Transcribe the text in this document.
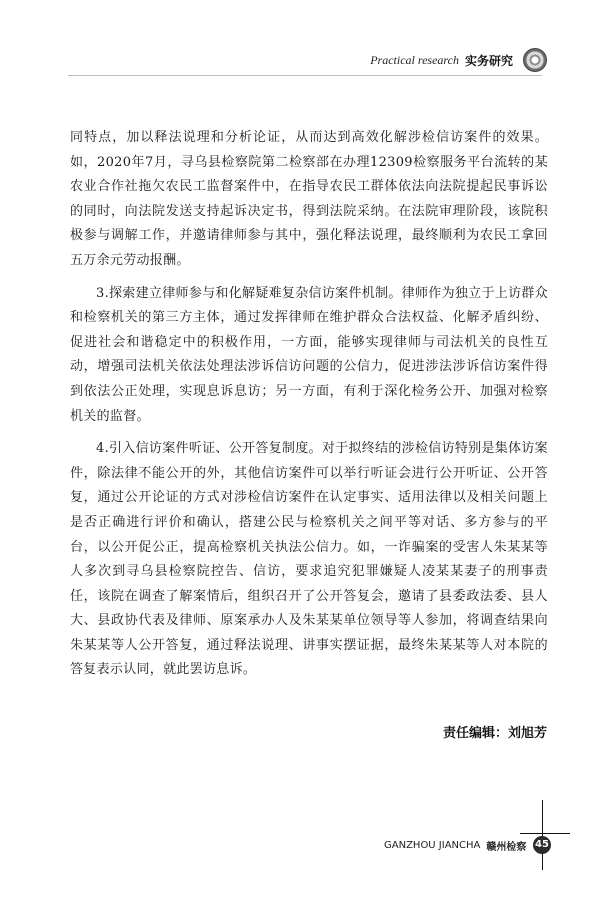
Practical research 实务研究

同特点，加以释法说理和分析论证，从而达到高效化解涉检信访案件的效果。如，2020年7月，寻乌县检察院第二检察部在办理12309检察服务平台流转的某农业合作社拖欠农民工监督案件中，在指导农民工群体依法向法院提起民事诉讼的同时，向法院发送支持起诉决定书，得到法院采纳。在法院审理阶段，该院积极参与调解工作，并邀请律师参与其中，强化释法说理，最终顺利为农民工拿回五万余元劳动报酬。

3.探索建立律师参与和化解疑难复杂信访案件机制。律师作为独立于上访群众和检察机关的第三方主体，通过发挥律师在维护群众合法权益、化解矛盾纠纷、促进社会和谐稳定中的积极作用，一方面，能够实现律师与司法机关的良性互动，增强司法机关依法处理法涉诉信访问题的公信力，促进涉法涉诉信访案件得到依法公正处理，实现息诉息访；另一方面，有利于深化检务公开、加强对检察机关的监督。

4.引入信访案件听证、公开答复制度。对于拟终结的涉检信访特别是集体访案件，除法律不能公开的外，其他信访案件可以举行听证会进行公开听证、公开答复，通过公开论证的方式对涉检信访案件在认定事实、适用法律以及相关问题上是否正确进行评价和确认，搭建公民与检察机关之间平等对话、多方参与的平台，以公开促公正，提高检察机关执法公信力。如，一诈骗案的受害人朱某某等人多次到寻乌县检察院控告、信访，要求追究犯罪嫌疑人凌某某妻子的刑事责任，该院在调查了解案情后，组织召开了公开答复会，邀请了县委政法委、县人大、县政协代表及律师、原案承办人及朱某某单位领导等人参加，将调查结果向朱某某等人公开答复，通过释法说理、讲事实摆证据，最终朱某某等人对本院的答复表示认同，就此罢访息诉。

责任编辑：刘旭芳
GANZHOU JIANCHA 赣州检察 45
